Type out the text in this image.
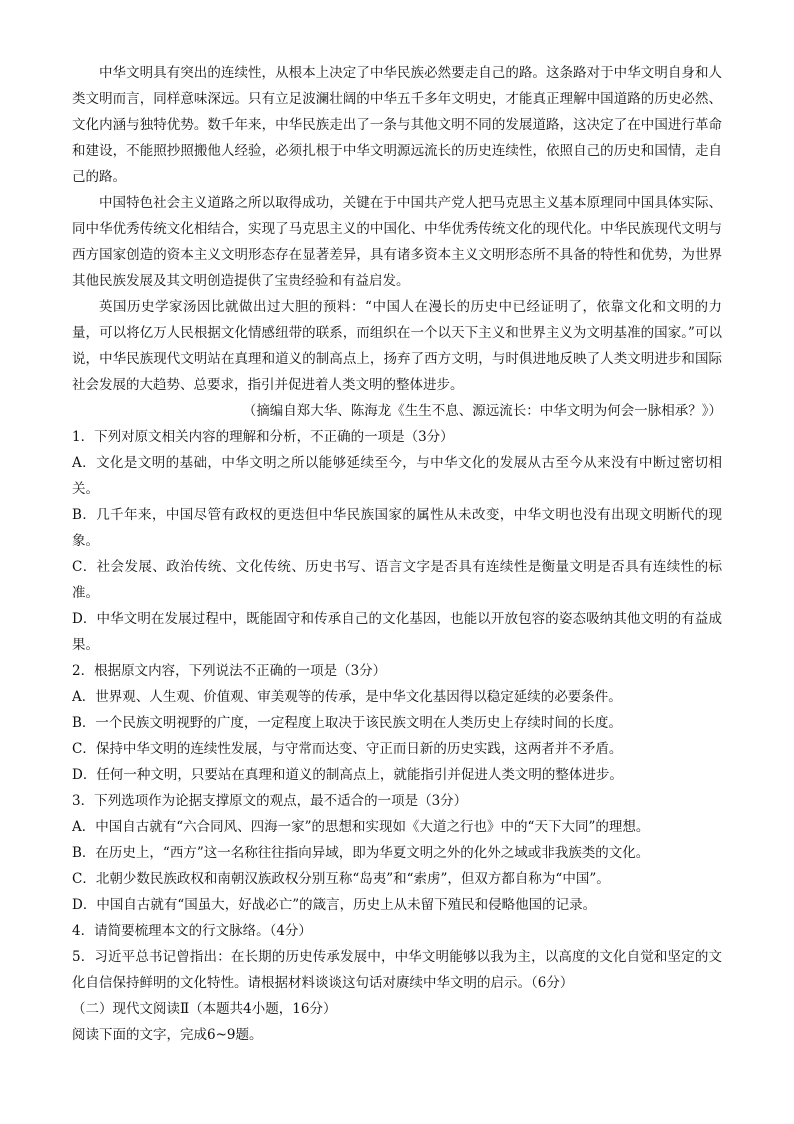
中华文明具有突出的连续性，从根本上决定了中华民族必然要走自己的路。这条路对于中华文明自身和人类文明而言，同样意味深远。只有立足波澜壮阔的中华五千多年文明史，才能真正理解中国道路的历史必然、文化内涵与独特优势。数千年来，中华民族走出了一条与其他文明不同的发展道路，这决定了在中国进行革命和建设，不能照抄照搬他人经验，必须扎根于中华文明源远流长的历史连续性，依照自己的历史和国情，走自己的路。

中国特色社会主义道路之所以取得成功，关键在于中国共产党人把马克思主义基本原理同中国具体实际、同中华优秀传统文化相结合，实现了马克思主义的中国化、中华优秀传统文化的现代化。中华民族现代文明与西方国家创造的资本主义文明形态存在显著差异，具有诸多资本主义文明形态所不具备的特性和优势，为世界其他民族发展及其文明创造提供了宝贵经验和有益启发。

英国历史学家汤因比就做出过大胆的预料：“中国人在漫长的历史中已经证明了，依靠文化和文明的力量，可以将亿万人民根据文化情感纽带的联系，而组织在一个以天下主义和世界主义为文明基准的国家。”可以说，中华民族现代文明站在真理和道义的制高点上，扬弃了西方文明，与时俱进地反映了人类文明进步和国际社会发展的大趋势、总要求，指引并促进着人类文明的整体进步。

（摘编自郑大华、陈海龙《生生不息、源远流长：中华文明为何会一脉相承？》）

1．下列对原文相关内容的理解和分析，不正确的一项是（3分）

A．文化是文明的基础，中华文明之所以能够延续至今，与中华文化的发展从古至今从来没有中断过密切相关。

B．几千年来，中国尽管有政权的更迭但中华民族国家的属性从未改变，中华文明也没有出现文明断代的现象。

C．社会发展、政治传统、文化传统、历史书写、语言文字是否具有连续性是衡量文明是否具有连续性的标准。

D．中华文明在发展过程中，既能固守和传承自己的文化基因，也能以开放包容的姿态吸纳其他文明的有益成果。

2．根据原文内容，下列说法不正确的一项是（3分）

A．世界观、人生观、价值观、审美观等的传承，是中华文化基因得以稳定延续的必要条件。

B．一个民族文明视野的广度，一定程度上取决于该民族文明在人类历史上存续时间的长度。

C．保持中华文明的连续性发展，与守常而达变、守正而日新的历史实践，这两者并不矛盾。

D．任何一种文明，只要站在真理和道义的制高点上，就能指引并促进人类文明的整体进步。

3．下列选项作为论据支撑原文的观点，最不适合的一项是（3分）

A．中国自古就有“六合同风、四海一家”的思想和实现如《大道之行也》中的“天下大同”的理想。

B．在历史上，“西方”这一名称往往指向异域，即为华夏文明之外的化外之域或非我族类的文化。

C．北朝少数民族政权和南朝汉族政权分别互称“岛夷”和“索虏”，但双方都自称为“中国”。

D．中国自古就有“国虽大，好战必亡”的箴言，历史上从未留下殖民和侵略他国的记录。

4．请简要梳理本文的行文脉络。（4分）

5．习近平总书记曾指出：在长期的历史传承发展中，中华文明能够以我为主，以高度的文化自觉和坚定的文化自信保持鲜明的文化特性。请根据材料谈谈这句话对赓续中华文明的启示。（6分）

（二）现代文阅读Ⅱ（本题共4小题，16分）

阅读下面的文字，完成6~9题。
